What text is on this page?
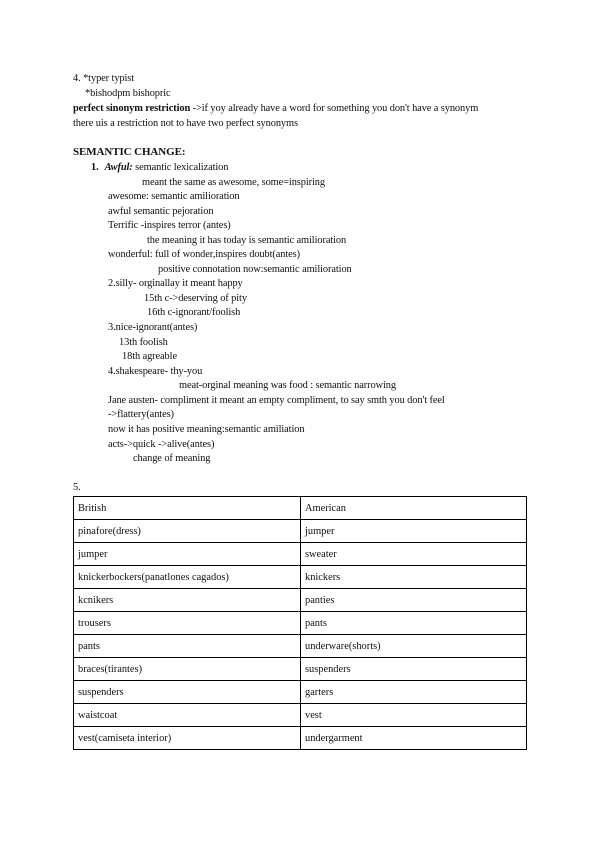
4. *typer typist
*bishodpm bishopric
perfect sinonym restriction ->if yoy already have a word for something you don't have a synonym
there uis a restriction not to have two perfect synonyms
SEMANTIC CHANGE:
1. Awful: semantic lexicalization
meant the same as awesome, some=inspiring
awesome: semantic amilioration
awful semantic pejoration
Terrific -inspires terror (antes)
the meaning it has today is semantic amilioration
wonderful: full of wonder,inspires doubt(antes)
positive connotation now:semantic amilioration
2.silly- orginallay it meant happy
15th c->deserving of pity
16th c-ignorant/foolish
3.nice-ignorant(antes)
13th foolish
18th agreable
4.shakespeare- thy-you
meat-orginal meaning was food : semantic narrowing
Jane austen- compliment it meant an empty compliment, to say smth you don't feel
->flattery(antes)
now it has positive meaning:semantic amiliation
acts->quick ->alive(antes)
change of meaning
5.
British	American
pinafore(dress)	jumper
jumper	sweater
knickerbockers(panatlones cagados)	knickers
kcnikers	panties
trousers	pants
pants	underware(shorts)
braces(tirantes)	suspenders
suspenders	garters
waistcoat	vest
vest(camiseta interior)	undergarment
